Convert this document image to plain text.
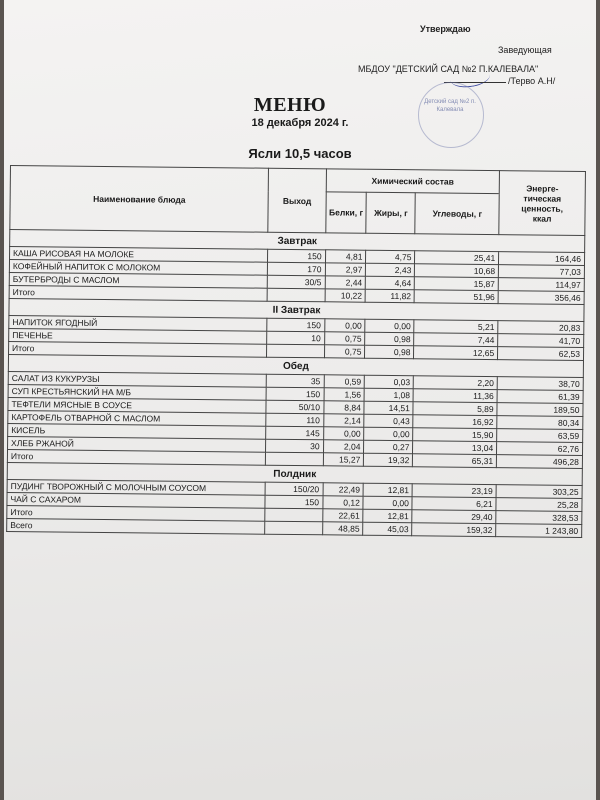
Утверждаю
Заведующая
МБДОУ "ДЕТСКИЙ САД №2 П.КАЛЕВАЛА"
/Терво А.Н/
Детский сад №2 п. Калевала
МЕНЮ
18 декабря 2024 г.
Ясли 10,5 часов
Наименование блюда	Выход	Химический состав			Энерге-
тическая
ценность,
ккал

		Белки, г	Жиры, г	Углеводы, г	
Завтрак					
КАША РИСОВАЯ НА МОЛОКЕ	150	4,81	4,75	25,41	164,46
КОФЕЙНЫЙ НАПИТОК С МОЛОКОМ	170	2,97	2,43	10,68	77,03
БУТЕРБРОДЫ С МАСЛОМ	30/5	2,44	4,64	15,87	114,97
Итого		10,22	11,82	51,96	356,46
II Завтрак					
НАПИТОК ЯГОДНЫЙ	150	0,00	0,00	5,21	20,83
ПЕЧЕНЬЕ	10	0,75	0,98	7,44	41,70
Итого		0,75	0,98	12,65	62,53
Обед					
САЛАТ ИЗ КУКУРУЗЫ	35	0,59	0,03	2,20	38,70
СУП КРЕСТЬЯНСКИЙ НА М/Б	150	1,56	1,08	11,36	61,39
ТЕФТЕЛИ МЯСНЫЕ В СОУСЕ	50/10	8,84	14,51	5,89	189,50
КАРТОФЕЛЬ ОТВАРНОЙ С МАСЛОМ	110	2,14	0,43	16,92	80,34
КИСЕЛЬ	145	0,00	0,00	15,90	63,59
ХЛЕБ РЖАНОЙ	30	2,04	0,27	13,04	62,76
Итого		15,27	19,32	65,31	496,28
Полдник					
ПУДИНГ ТВОРОЖНЫЙ С МОЛОЧНЫМ СОУСОМ	150/20	22,49	12,81	23,19	303,25
ЧАЙ С САХАРОМ	150	0,12	0,00	6,21	25,28
Итого		22,61	12,81	29,40	328,53
Всего		48,85	45,03	159,32	1 243,80
